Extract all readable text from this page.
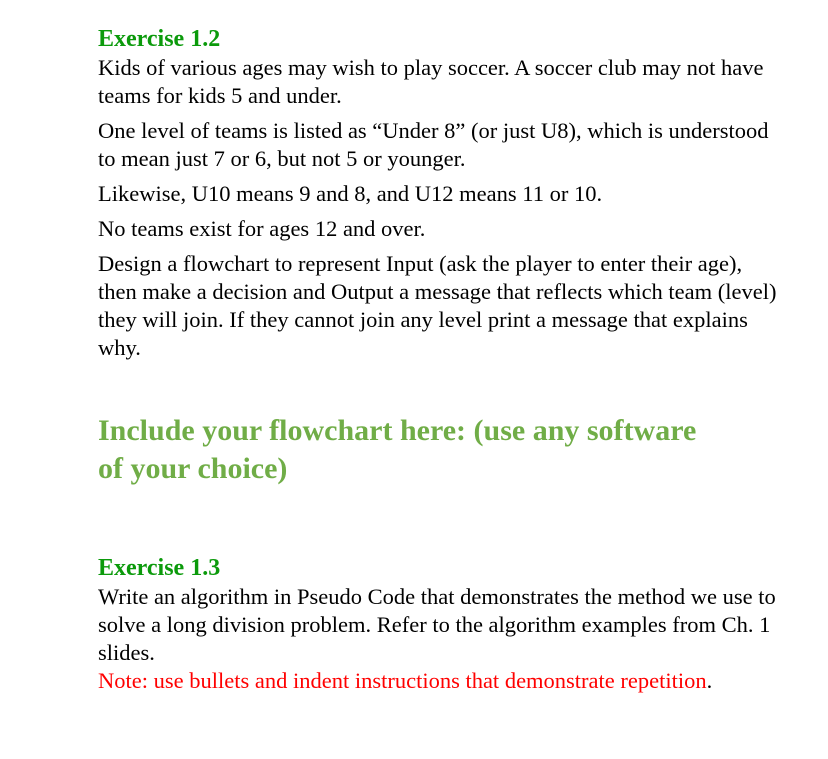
Exercise 1.2

Kids of various ages may wish to play soccer. A soccer club may not have teams for kids 5 and under.

One level of teams is listed as “Under 8” (or just U8), which is understood to mean just 7 or 6, but not 5 or younger.

Likewise, U10 means 9 and 8, and U12 means 11 or 10.

No teams exist for ages 12 and over.

Design a flowchart to represent Input (ask the player to enter their age), then make a decision and Output a message that reflects which team (level) they will join. If they cannot join any level print a message that explains why.

Include your flowchart here: (use any software of your choice)
Exercise 1.3

Write an algorithm in Pseudo Code that demonstrates the method we use to solve a long division problem. Refer to the algorithm examples from Ch. 1 slides.

Note: use bullets and indent instructions that demonstrate repetition.
